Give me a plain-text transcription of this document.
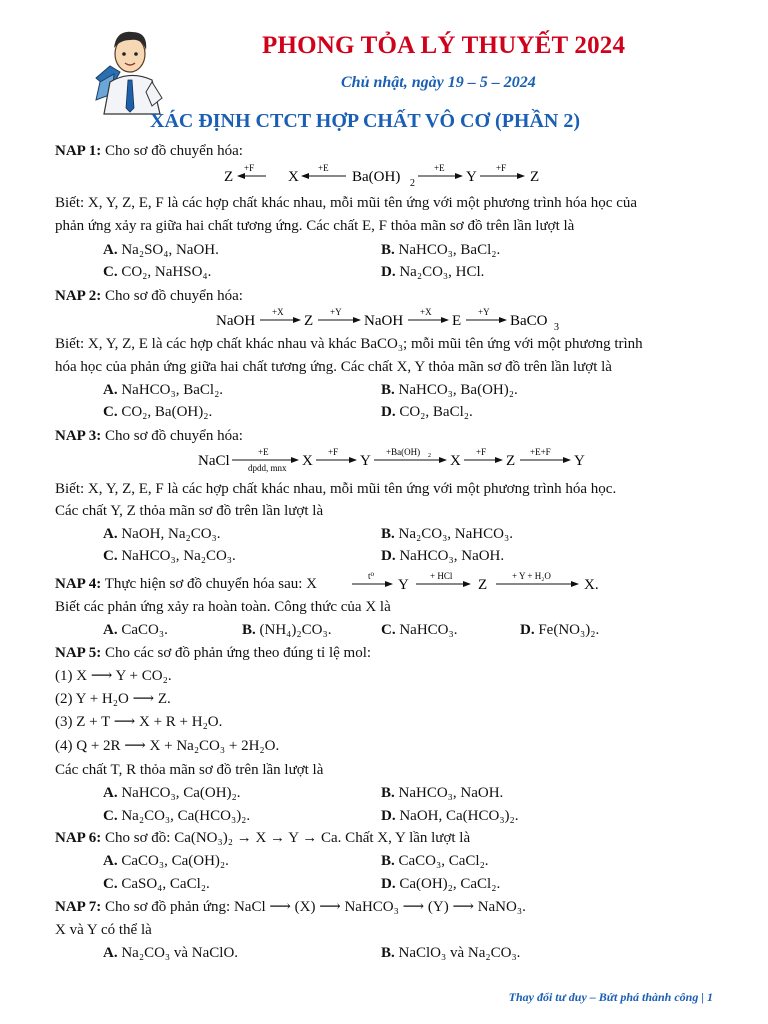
PHONG TỎA LÝ THUYẾT 2024
Chủ nhật, ngày 19 – 5 – 2024
XÁC ĐỊNH CTCT HỢP CHẤT VÔ CƠ (PHẦN 2)
NAP 1: Cho sơ đồ chuyển hóa:
Z
+F
X
+E
Ba(OH) 2
+E
Y
+F
Z
Biết: X, Y, Z, E, F là các hợp chất khác nhau, mỗi mũi tên ứng với một phương trình hóa học của
phản ứng xảy ra giữa hai chất tương ứng. Các chất E, F thỏa mãn sơ đồ trên lần lượt là
A. Na₂SO₄, NaOH.	B. NaHCO₃, BaCl₂.
C. CO₂, NaHSO₄.	D. Na₂CO₃, HCl.
NAP 2: Cho sơ đồ chuyển hóa:
NaOH
+X
Z
+Y
NaOH
+X
E
+Y
BaCO 3
Biết: X, Y, Z, E là các hợp chất khác nhau và khác BaCO₃; mỗi mũi tên ứng với một phương trình
hóa học của phản ứng giữa hai chất tương ứng. Các chất X, Y thỏa mãn sơ đồ trên lần lượt là
A. NaHCO₃, BaCl₂.	B. NaHCO₃, Ba(OH)₂.
C. CO₂, Ba(OH)₂.	D. CO₂, BaCl₂.
NAP 3: Cho sơ đồ chuyển hóa:
NaCl
+E
dpdd, mnx X
+F
Y
+Ba(OH) 2 X
+F
Z
+E+F
Y
Biết: X, Y, Z, E, F là các hợp chất khác nhau, mỗi mũi tên ứng với một phương trình hóa học.
Các chất Y, Z thỏa mãn sơ đồ trên lần lượt là
A. NaOH, Na₂CO₃.	B. Na₂CO₃, NaHCO₃.
C. NaHCO₃, Na₂CO₃.	D. NaHCO₃, NaOH.
NAP 4: Thực hiện sơ đồ chuyển hóa sau: X	t⁰
Y
+ HCl
Z
+ Y + H₂O
X.
Biết các phản ứng xảy ra hoàn toàn. Công thức của X là
A. CaCO₃.	B. (NH₄)₂CO₃.	C. NaHCO₃.	D. Fe(NO₃)₂.
NAP 5: Cho các sơ đồ phản ứng theo đúng tỉ lệ mol:
(1) X ⟶ Y + CO₂.
(2) Y + H₂O ⟶ Z.
(3) Z + T ⟶ X + R + H₂O.
(4) Q + 2R ⟶ X + Na₂CO₃ + 2H₂O.
Các chất T, R thỏa mãn sơ đồ trên lần lượt là
A. NaHCO₃, Ca(OH)₂.	B. NaHCO₃, NaOH.
C. Na₂CO₃, Ca(HCO₃)₂.	D. NaOH, Ca(HCO₃)₂.
NAP 6: Cho sơ đồ: Ca(NO₃)₂ → X → Y → Ca. Chất X, Y lần lượt là
A. CaCO₃, Ca(OH)₂.	B. CaCO₃, CaCl₂.
C. CaSO₄, CaCl₂.	D. Ca(OH)₂, CaCl₂.
NAP 7: Cho sơ đồ phản ứng: NaCl ⟶ (X) ⟶ NaHCO₃ ⟶ (Y) ⟶ NaNO₃.
X và Y có thể là
A. Na₂CO₃ và NaClO.	B. NaClO₃ và Na₂CO₃.
Thay đổi tư duy – Bứt phá thành công | 1
